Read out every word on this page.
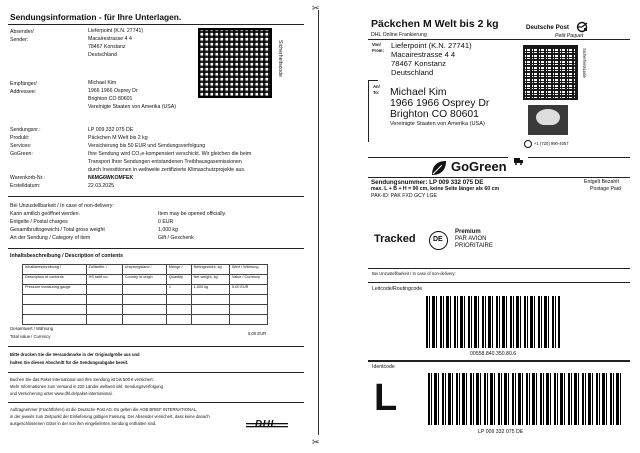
✂
✂
Sendungsinformation - für Ihre Unterlagen.
Absender/
Sender:
Lieferpoint (K.N. 27741)
Macairestrasse 4 4
78467 Konstanz
Deutschland	Sicherheitscode
Empfänger/
Addressee:
Michael Kim
1966 1966 Osprey Dr
Brighton CO 80601
Vereinigte Staaten von Amerika (USA)
Sendungsnr.:	LP 009 332 075 DE
Produkt:	Päckchen M Welt bis 2 kg
Services:	Versicherung bis 50 EUR und Sendungsverfolgung
GoGreen:	Ihre Sendung wird CO₂e-kompensiert verschickt. Wir gleichen die beim
Transport Ihrer Sendungen entstandenen Treibhausgasemissionen
durch Investitionen in weltweite zertifizierte Klimaschutzprojekte aus.
Warenkorb-Nr.:	N6MG6WKOMFEK
Erstelldatum:	22.03.2025
Bei Unzustellbarkeit / In case of non-delivery:
Kann amtlich geöffnet werden.	Item may be opened officially.
Entgelte / Postal charges	0 EUR
Gesamtbruttogewicht / Total gross weight	1,000 kg
Art der Sendung / Category of item	Gift / Geschenk
Inhaltsbeschreibung / Description of contents
Inhaltsbeschreibung /	Zolltarifnr. /	Ursprungsland /	Menge /	Nettogewicht, kg	Wert / Währung
Description of contents	HS tariff no.	Country of origin	Quantity	Net weight, kg	Value / Currency
Pressure measuring gauge			1	1,000 kg	5,00 EUR

Gesamtwert / Währung
Total value / Currency
5,00 EUR
Bitte drucken Sie die Versandmarke in der Originalgröße aus und
halten Sie diesen Abschnitt für die Sendungsabgabe bereit.
Buchen Sie das Paket International und Ihre Sendung ist bis 500 € versichert.
Mehr Informationen zum Versand in 220 Länder weltweit inkl. Sendungsverfolgung
und Versicherung unter www.dhl.de/paket-international.
Auftragnehmer (Frachtführer) ist die Deutsche Post AG. Es gelten die AGB BRIEF INTERNATIONAL,
in der jeweils zum Zeitpunkt der Einlieferung gültigen Fassung. Der Absender versichert, dass keine danach
ausgeschlossenen Güter in der von ihm eingelieferten Sendung enthalten sind.	DHL
Päckchen M Welt bis 2 kg	Deutsche Post
Petit Paquet
DHL Online Frankierung
Von/
From:
Lieferpoint (K.N. 27741)
Macairestrasse 4 4
78467 Konstanz
Deutschland	Sicherheitscode
An/
To: Michael Kim
1966 1966 Osprey Dr
Brighton CO 80601
Vereinigte Staaten von Amerika (USA)
+1 (720) 990-4057
GoGreen
Sendungsnummer: LP 009 332 075 DE	Entgelt Bezahlt
max. L + B + H = 90 cm, keine Seite länger als 60 cm	Postage Paid
PAK-ID: PAK FXD GCY LGE
Tracked DE
Premium
PAR AVION
PRIORITAIRE
Bei Unzustellbarkeit / In case of non-delivery:
Leitcode/Routingcode
00558.840.350.80.6
Identcode
L
LP 009 332 075 DE
